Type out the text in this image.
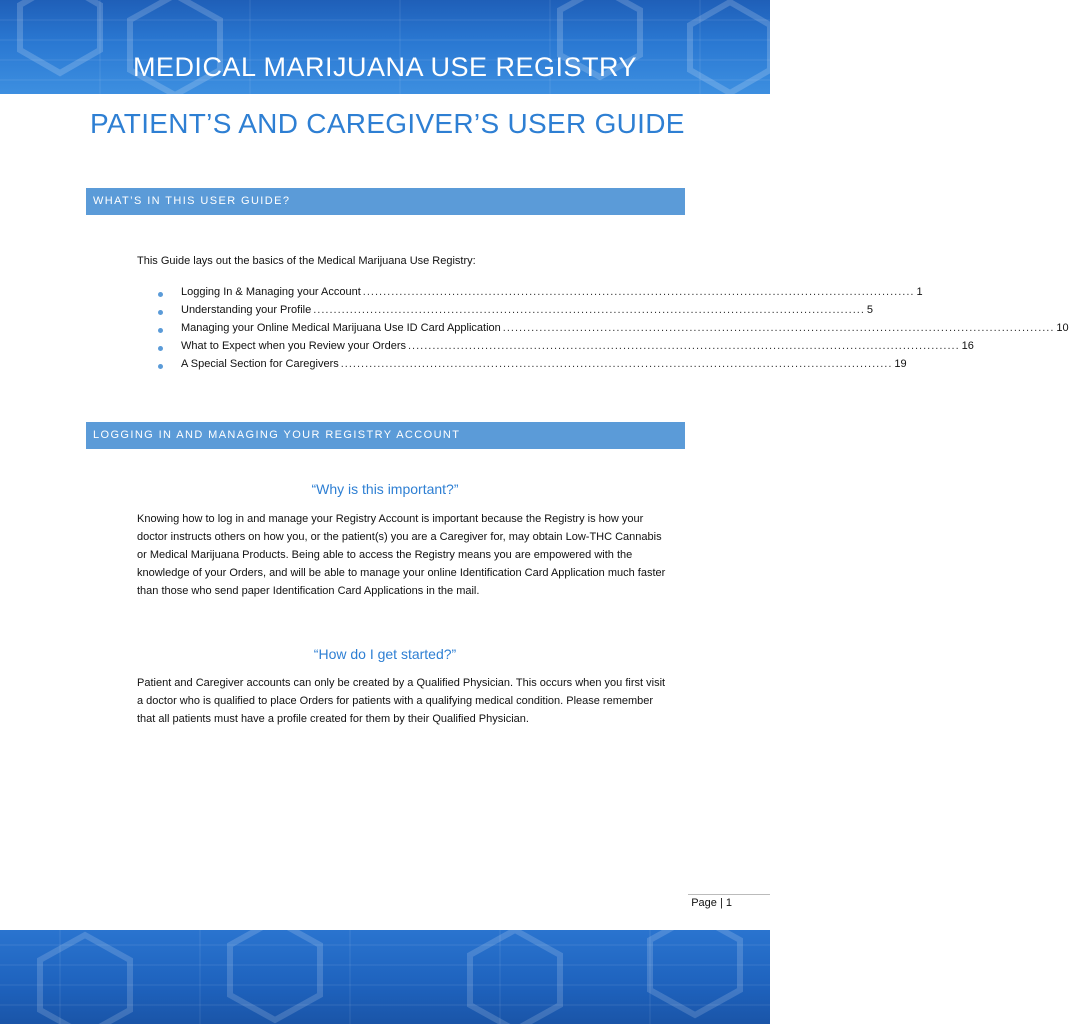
MEDICAL MARIJUANA USE REGISTRY
PATIENT’S AND CAREGIVER’S USER GUIDE
WHAT’S IN THIS USER GUIDE?
This Guide lays out the basics of the Medical Marijuana Use Registry:
Logging In & Managing your Account ........................................................................................................................................ 1
Understanding your Profile ........................................................................................................................................ 5
Managing your Online Medical Marijuana Use ID Card Application ........................................................................................................................................ 10
What to Expect when you Review your Orders ........................................................................................................................................ 16
A Special Section for Caregivers ........................................................................................................................................ 19
LOGGING IN AND MANAGING YOUR REGISTRY ACCOUNT
“Why is this important?”
Knowing how to log in and manage your Registry Account is important because the Registry is how your doctor instructs others on how you, or the patient(s) you are a Caregiver for, may obtain Low-THC Cannabis or Medical Marijuana Products. Being able to access the Registry means you are empowered with the knowledge of your Orders, and will be able to manage your online Identification Card Application much faster than those who send paper Identification Card Applications in the mail.
“How do I get started?”
Patient and Caregiver accounts can only be created by a Qualified Physician. This occurs when you first visit a doctor who is qualified to place Orders for patients with a qualifying medical condition. Please remember that all patients must have a profile created for them by their Qualified Physician.
Page | 1
